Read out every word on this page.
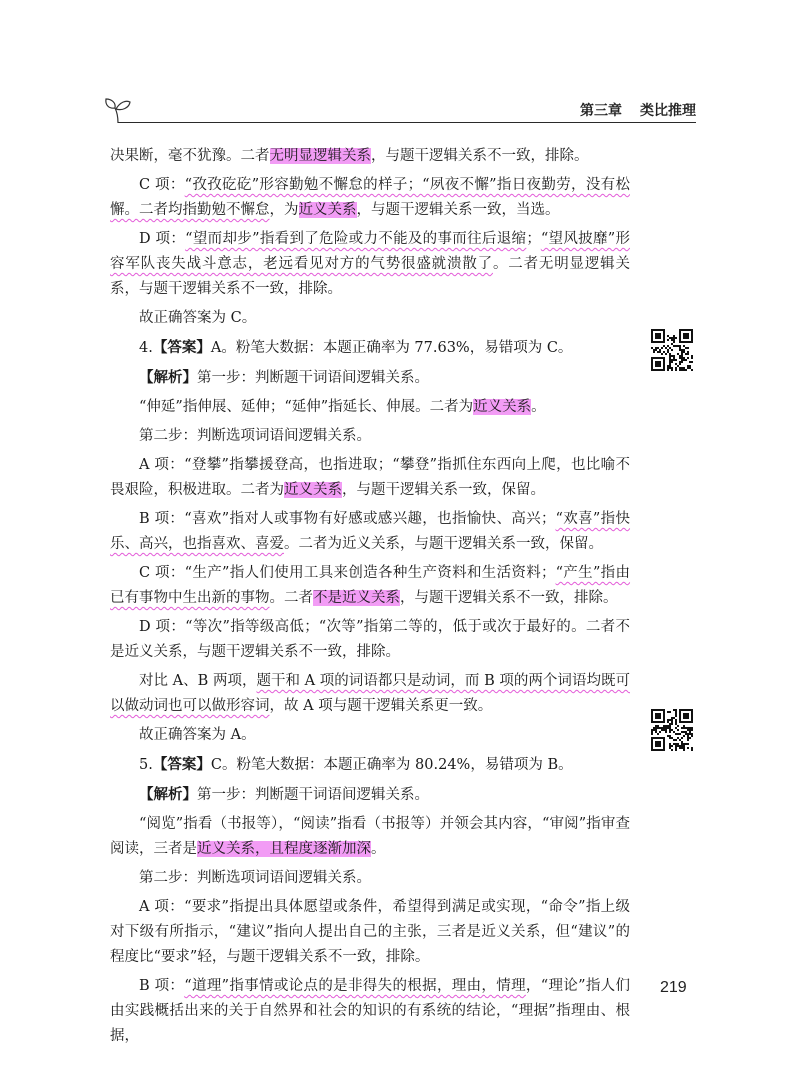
第三章 类比推理

决果断，毫不犹豫。二者无明显逻辑关系，与题干逻辑关系不一致，排除。

C 项：“孜孜矻矻”形容勤勉不懈怠的样子；“夙夜不懈”指日夜勤劳，没有松懈。二者均指勤勉不懈怠，为近义关系，与题干逻辑关系一致，当选。

D 项：“望而却步”指看到了危险或力不能及的事而往后退缩；“望风披靡”形容军队丧失战斗意志，老远看见对方的气势很盛就溃散了。二者无明显逻辑关系，与题干逻辑关系不一致，排除。

故正确答案为 C。

4.【答案】A。粉笔大数据：本题正确率为 77.63%，易错项为 C。

【解析】第一步：判断题干词语间逻辑关系。

“伸延”指伸展、延伸；“延伸”指延长、伸展。二者为近义关系。

第二步：判断选项词语间逻辑关系。

A 项：“登攀”指攀援登高，也指进取；“攀登”指抓住东西向上爬，也比喻不畏艰险，积极进取。二者为近义关系，与题干逻辑关系一致，保留。

B 项：“喜欢”指对人或事物有好感或感兴趣，也指愉快、高兴；“欢喜”指快乐、高兴，也指喜欢、喜爱。二者为近义关系，与题干逻辑关系一致，保留。

C 项：“生产”指人们使用工具来创造各种生产资料和生活资料；“产生”指由已有事物中生出新的事物。二者不是近义关系，与题干逻辑关系不一致，排除。

D 项：“等次”指等级高低；“次等”指第二等的，低于或次于最好的。二者不是近义关系，与题干逻辑关系不一致，排除。

对比 A、B 两项，题干和 A 项的词语都只是动词，而 B 项的两个词语均既可以做动词也可以做形容词，故 A 项与题干逻辑关系更一致。

故正确答案为 A。

5.【答案】C。粉笔大数据：本题正确率为 80.24%，易错项为 B。

【解析】第一步：判断题干词语间逻辑关系。

“阅览”指看（书报等），“阅读”指看（书报等）并领会其内容，“审阅”指审查阅读，三者是近义关系，且程度逐渐加深。

第二步：判断选项词语间逻辑关系。

A 项：“要求”指提出具体愿望或条件，希望得到满足或实现，“命令”指上级对下级有所指示，“建议”指向人提出自己的主张，三者是近义关系，但“建议”的程度比“要求”轻，与题干逻辑关系不一致，排除。

B 项：“道理”指事情或论点的是非得失的根据，理由，情理，“理论”指人们由实践概括出来的关于自然界和社会的知识的有系统的结论，“理据”指理由、根据，

219
